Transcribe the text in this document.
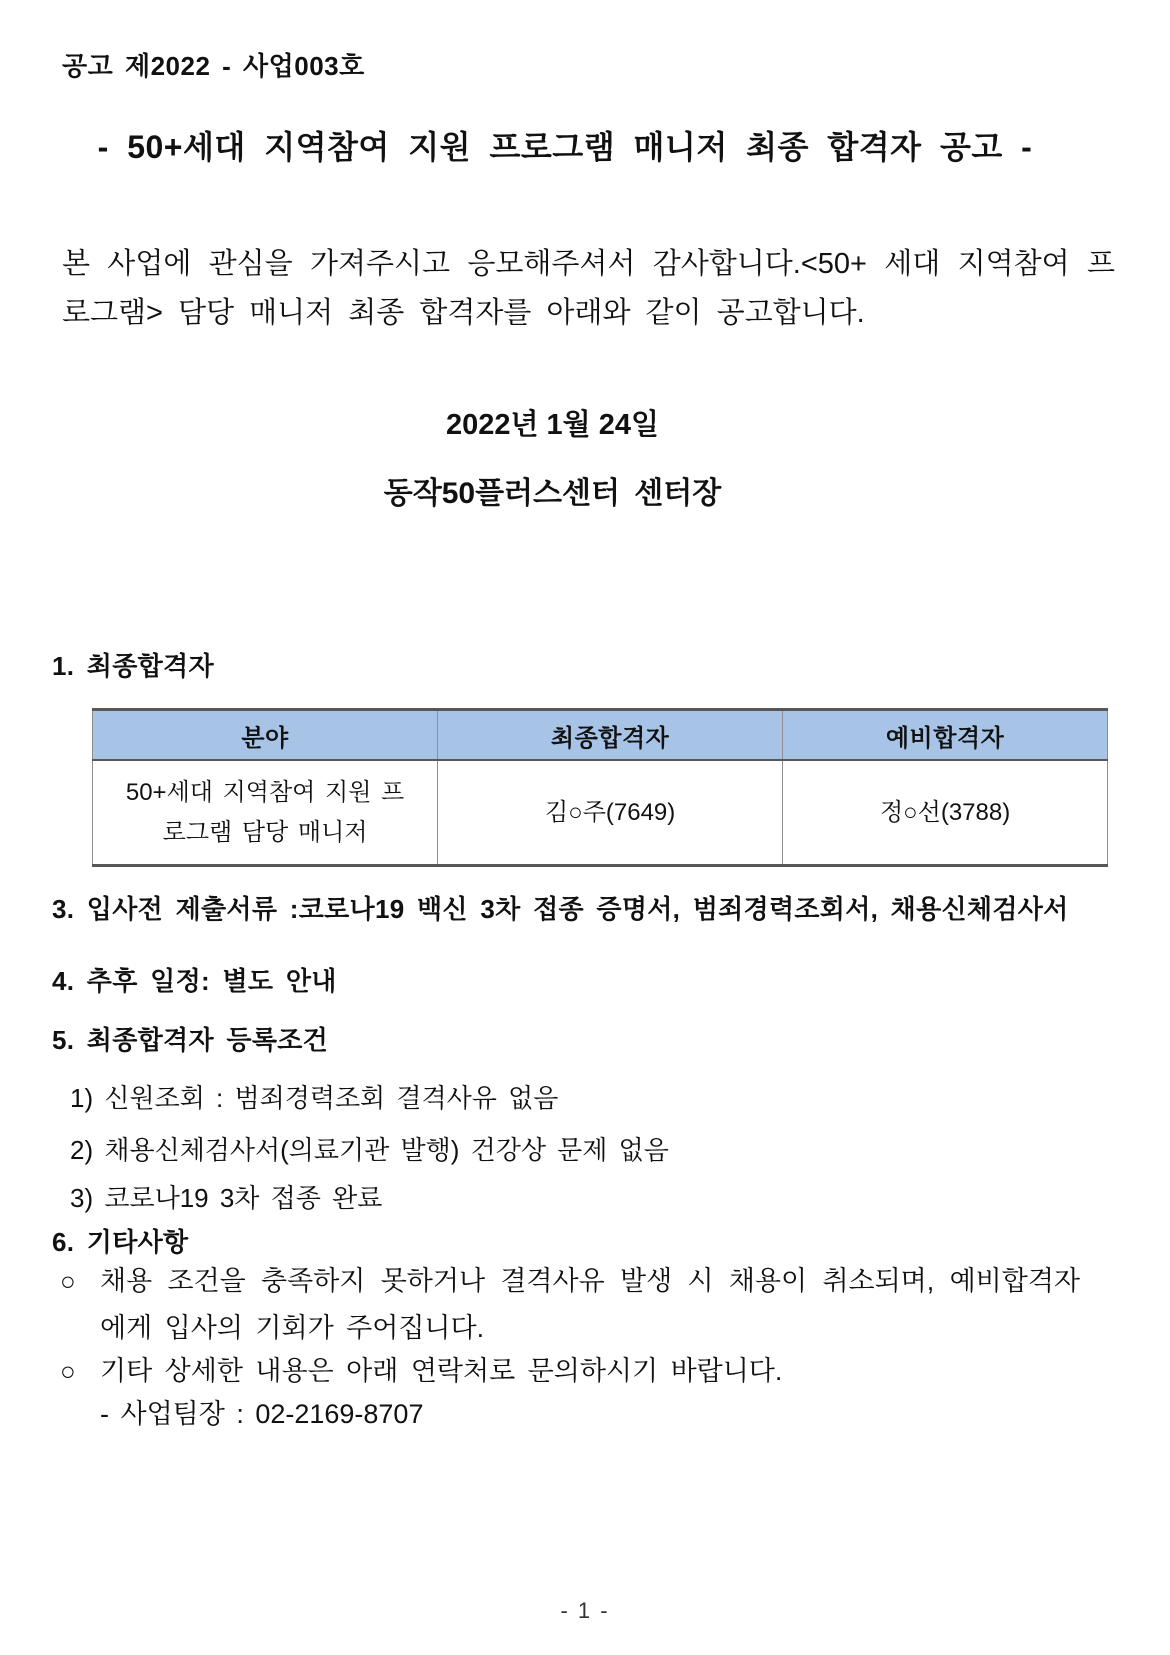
공고 제2022 - 사업003호
- 50+세대 지역참여 지원 프로그램 매니저 최종 합격자 공고 -
본 사업에 관심을 가져주시고 응모해주셔서 감사합니다.<50+ 세대 지역참여 프로그램> 담당 매니저 최종 합격자를 아래와 같이 공고합니다.
2022년 1월 24일
동작50플러스센터 센터장
1. 최종합격자
분야	최종합격자	예비합격자
50+세대 지역참여 지원 프로그램 담당 매니저	김○주(7649)	정○선(3788)
3. 입사전 제출서류 :코로나19 백신 3차 접종 증명서, 범죄경력조회서, 채용신체검사서
4. 추후 일정: 별도 안내
5. 최종합격자 등록조건
1) 신원조회 : 범죄경력조회 결격사유 없음
2) 채용신체검사서(의료기관 발행) 건강상 문제 없음
3) 코로나19 3차 접종 완료
6. 기타사항
○ 채용 조건을 충족하지 못하거나 결격사유 발생 시 채용이 취소되며, 예비합격자에게 입사의 기회가 주어집니다.
○ 기타 상세한 내용은 아래 연락처로 문의하시기 바랍니다.
- 사업팀장 : 02-2169-8707
- 1 -
